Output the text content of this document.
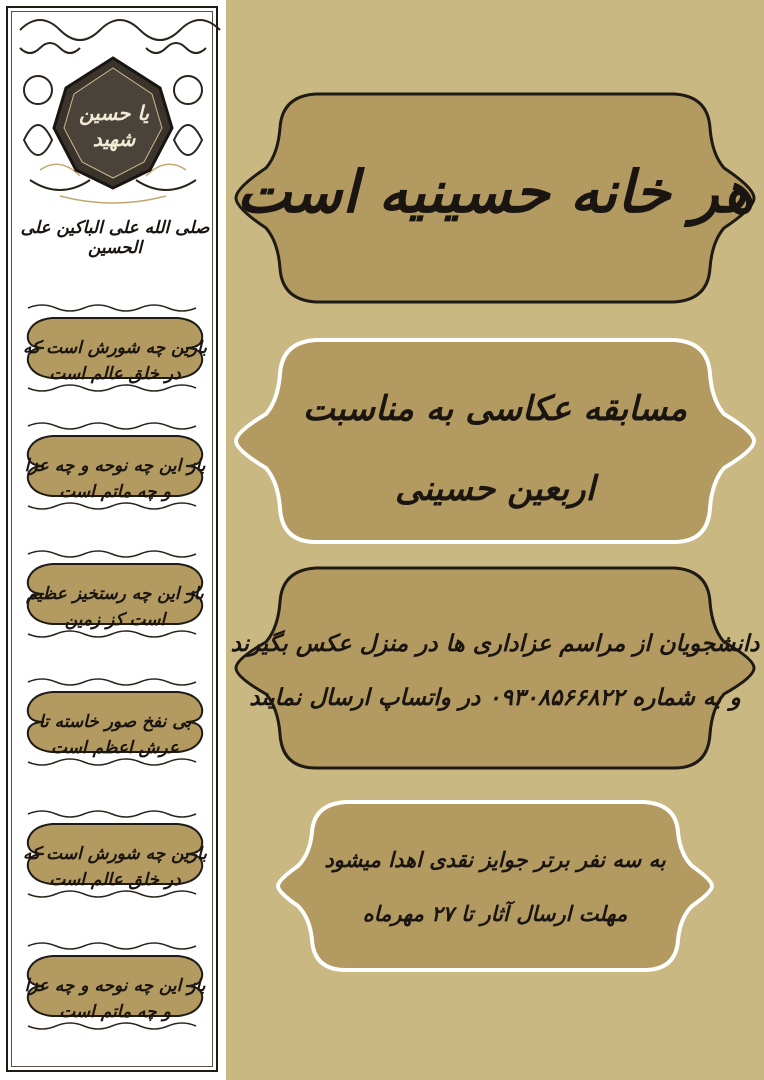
یا حسین شهید
صلی الله علی الباکین علی الحسین
بازین چه شورش است که در خلق عالم است
باز این چه نوحه و چه عزا و چه ماتم است
باز این چه رستخیز عظیم است کز زمین
بی نفخ صور خاسته تا عرش اعظم است
بازین چه شورش است که در خلق عالم است
باز این چه نوحه و چه عزا و چه ماتم است
هر خانه حسینیه است
مسابقه عکاسی به مناسبت
اربعین حسینی
دانشجویان از مراسم عزاداری ها در منزل عکس بگیرند
و به شماره ۰۹۳۰۸۵۶۶۸۲۲ در واتساپ ارسال نمایند
به سه نفر برتر جوایز نقدی اهدا میشود
مهلت ارسال آثار تا ۲۷ مهرماه
